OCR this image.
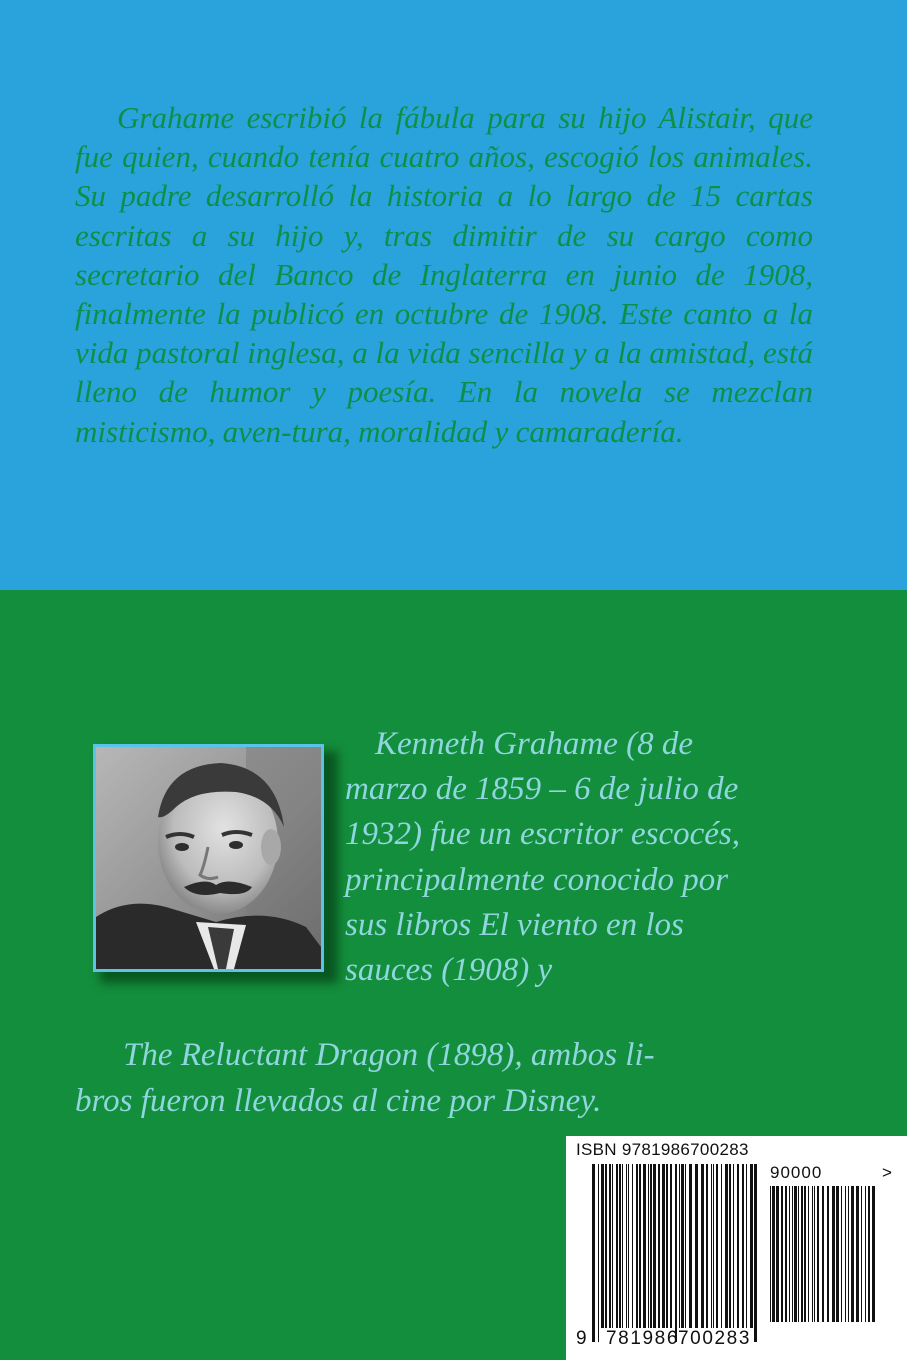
Grahame escribió la fábula para su hijo Alistair, que fue quien, cuando tenía cuatro años, escogió los animales. Su padre desarrolló la historia a lo largo de 15 cartas escritas a su hijo y, tras dimitir de su cargo como secretario del Banco de Inglaterra en junio de 1908, finalmente la publicó en octubre de 1908. Este canto a la vida pastoral inglesa, a la vida sencilla y a la amistad, está lleno de humor y poesía. En la novela se mezclan misticismo, aven-tura, moralidad y camaradería.

Kenneth Grahame (8 de
marzo de 1859 – 6 de julio de
1932) fue un escritor escocés,
principalmente conocido por
sus libros El viento en los
sauces (1908) y
The Reluctant Dragon (1898), ambos li-
bros fueron llevados al cine por Disney.
ISBN 9781986700283
90000	>
9 781986
700283
